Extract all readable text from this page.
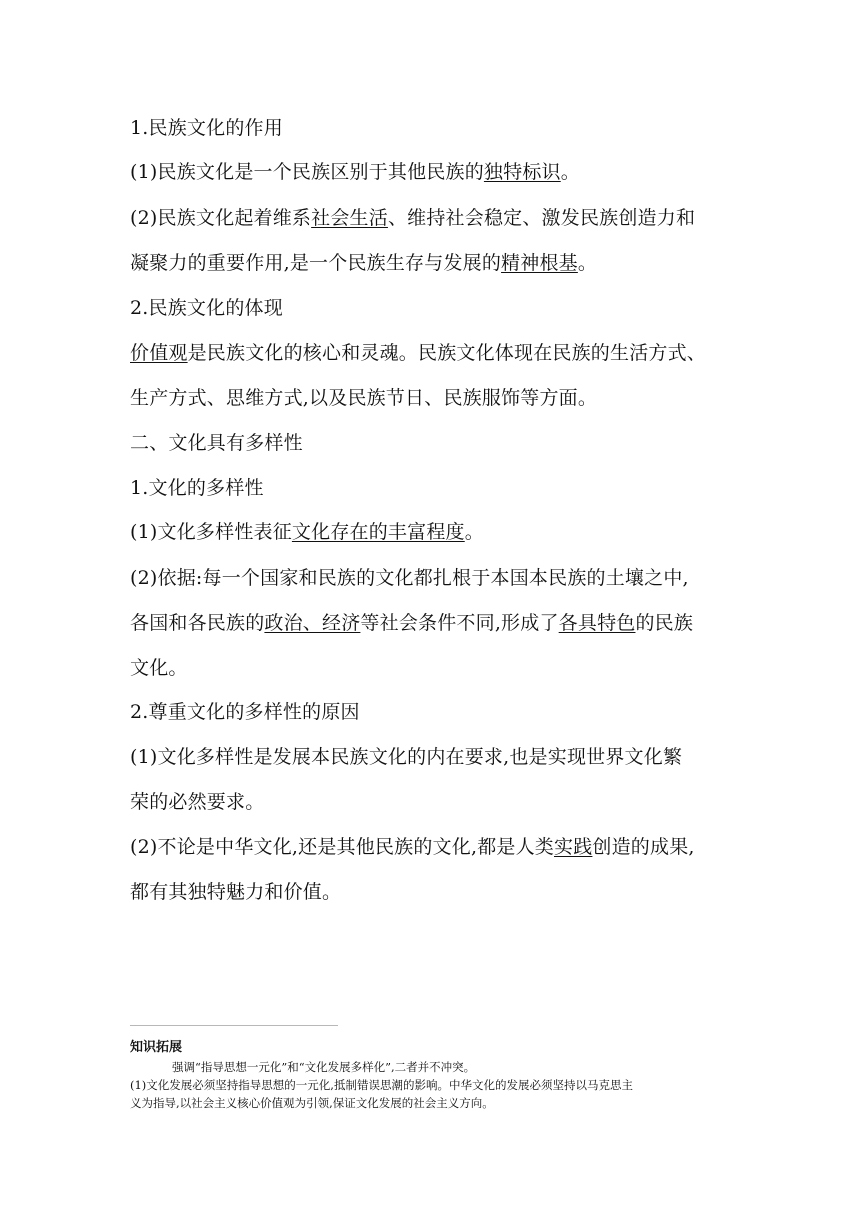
1.民族文化的作用
(1)民族文化是一个民族区别于其他民族的独特标识。
(2)民族文化起着维系社会生活、维持社会稳定、激发民族创造力和
凝聚力的重要作用,是一个民族生存与发展的精神根基。
2.民族文化的体现
价值观是民族文化的核心和灵魂。民族文化体现在民族的生活方式、
生产方式、思维方式,以及民族节日、民族服饰等方面。
二、文化具有多样性
1.文化的多样性
(1)文化多样性表征文化存在的丰富程度。
(2)依据:每一个国家和民族的文化都扎根于本国本民族的土壤之中,
各国和各民族的政治、经济等社会条件不同,形成了各具特色的民族
文化。
2.尊重文化的多样性的原因
(1)文化多样性是发展本民族文化的内在要求,也是实现世界文化繁
荣的必然要求。
(2)不论是中华文化,还是其他民族的文化,都是人类实践创造的成果,
都有其独特魅力和价值。
知识拓展
强调“指导思想一元化”和“文化发展多样化”,二者并不冲突。
(1)文化发展必须坚持指导思想的一元化,抵制错误思潮的影响。中华文化的发展必须坚持以马克思主
义为指导,以社会主义核心价值观为引领,保证文化发展的社会主义方向。
